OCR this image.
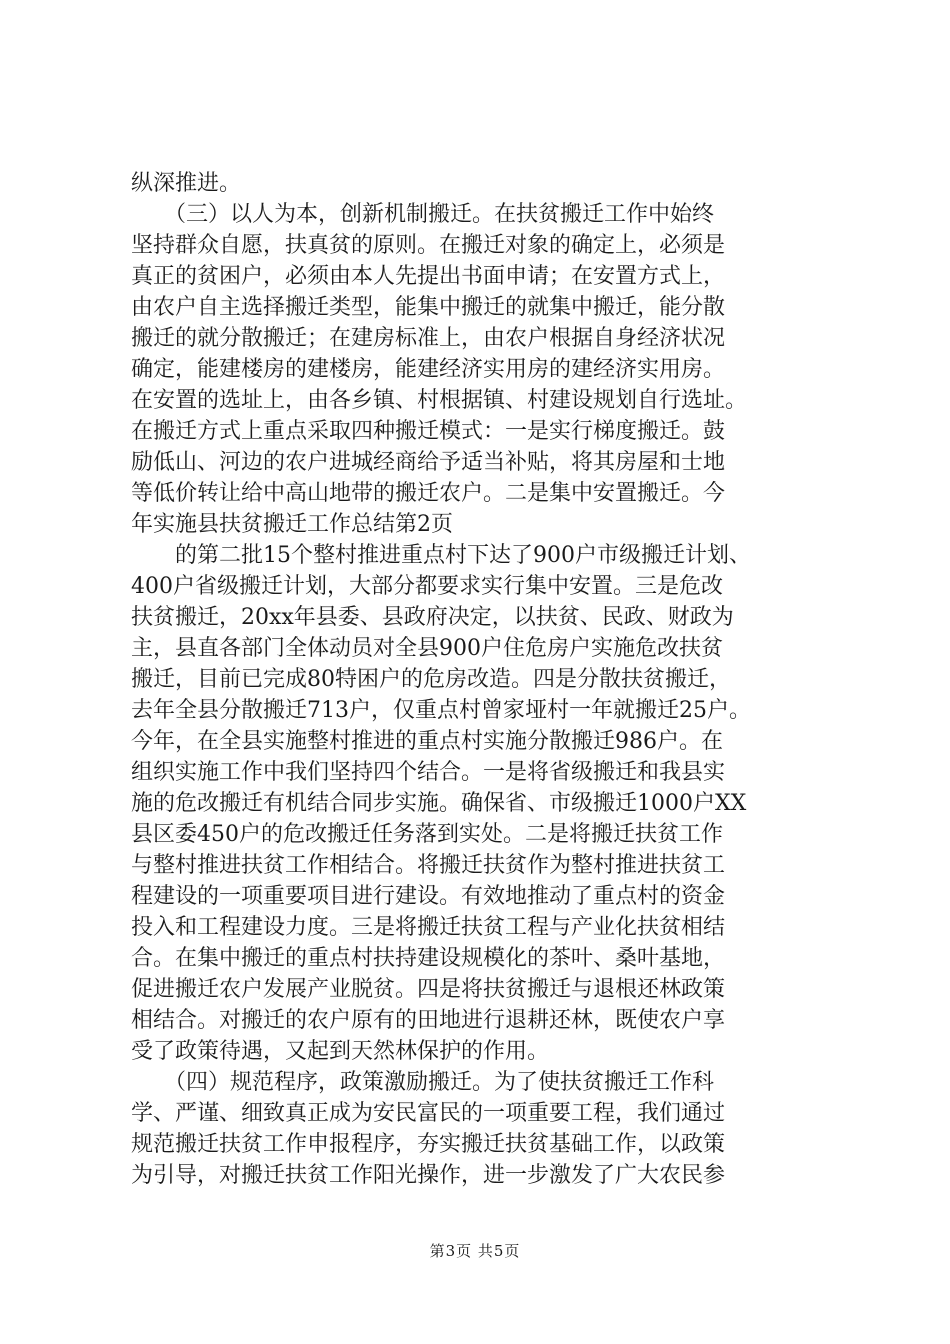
纵深推进。
　　（三）以人为本，创新机制搬迁。在扶贫搬迁工作中始终
坚持群众自愿，扶真贫的原则。在搬迁对象的确定上，必须是
真正的贫困户，必须由本人先提出书面申请；在安置方式上，
由农户自主选择搬迁类型，能集中搬迁的就集中搬迁，能分散
搬迁的就分散搬迁；在建房标准上，由农户根据自身经济状况
确定，能建楼房的建楼房，能建经济实用房的建经济实用房。
在安置的选址上，由各乡镇、村根据镇、村建设规划自行选址。
在搬迁方式上重点采取四种搬迁模式：一是实行梯度搬迁。鼓
励低山、河边的农户进城经商给予适当补贴，将其房屋和士地
等低价转让给中高山地带的搬迁农户。二是集中安置搬迁。今
年实施县扶贫搬迁工作总结第2页
　　的第二批15个整村推进重点村下达了900户市级搬迁计划、
400户省级搬迁计划，大部分都要求实行集中安置。三是危改
扶贫搬迁，20xx年县委、县政府决定，以扶贫、民政、财政为
主，县直各部门全体动员对全县900户住危房户实施危改扶贫
搬迁，目前已完成80特困户的危房改造。四是分散扶贫搬迁，
去年全县分散搬迁713户，仅重点村曾家垭村一年就搬迁25户。
今年，在全县实施整村推进的重点村实施分散搬迁986户。在
组织实施工作中我们坚持四个结合。一是将省级搬迁和我县实
施的危改搬迁有机结合同步实施。确保省、市级搬迁1000户XX
县区委450户的危改搬迁任务落到实处。二是将搬迁扶贫工作
与整村推进扶贫工作相结合。将搬迁扶贫作为整村推进扶贫工
程建设的一项重要项目进行建设。有效地推动了重点村的资金
投入和工程建设力度。三是将搬迁扶贫工程与产业化扶贫相结
合。在集中搬迁的重点村扶持建设规模化的茶叶、桑叶基地，
促进搬迁农户发展产业脱贫。四是将扶贫搬迁与退根还林政策
相结合。对搬迁的农户原有的田地进行退耕还林，既使农户享
受了政策待遇，又起到天然林保护的作用。
　　（四）规范程序，政策激励搬迁。为了使扶贫搬迁工作科
学、严谨、细致真正成为安民富民的一项重要工程，我们通过
规范搬迁扶贫工作申报程序，夯实搬迁扶贫基础工作，以政策
为引导，对搬迁扶贫工作阳光操作，进一步激发了广大农民参
第3页 共5页
